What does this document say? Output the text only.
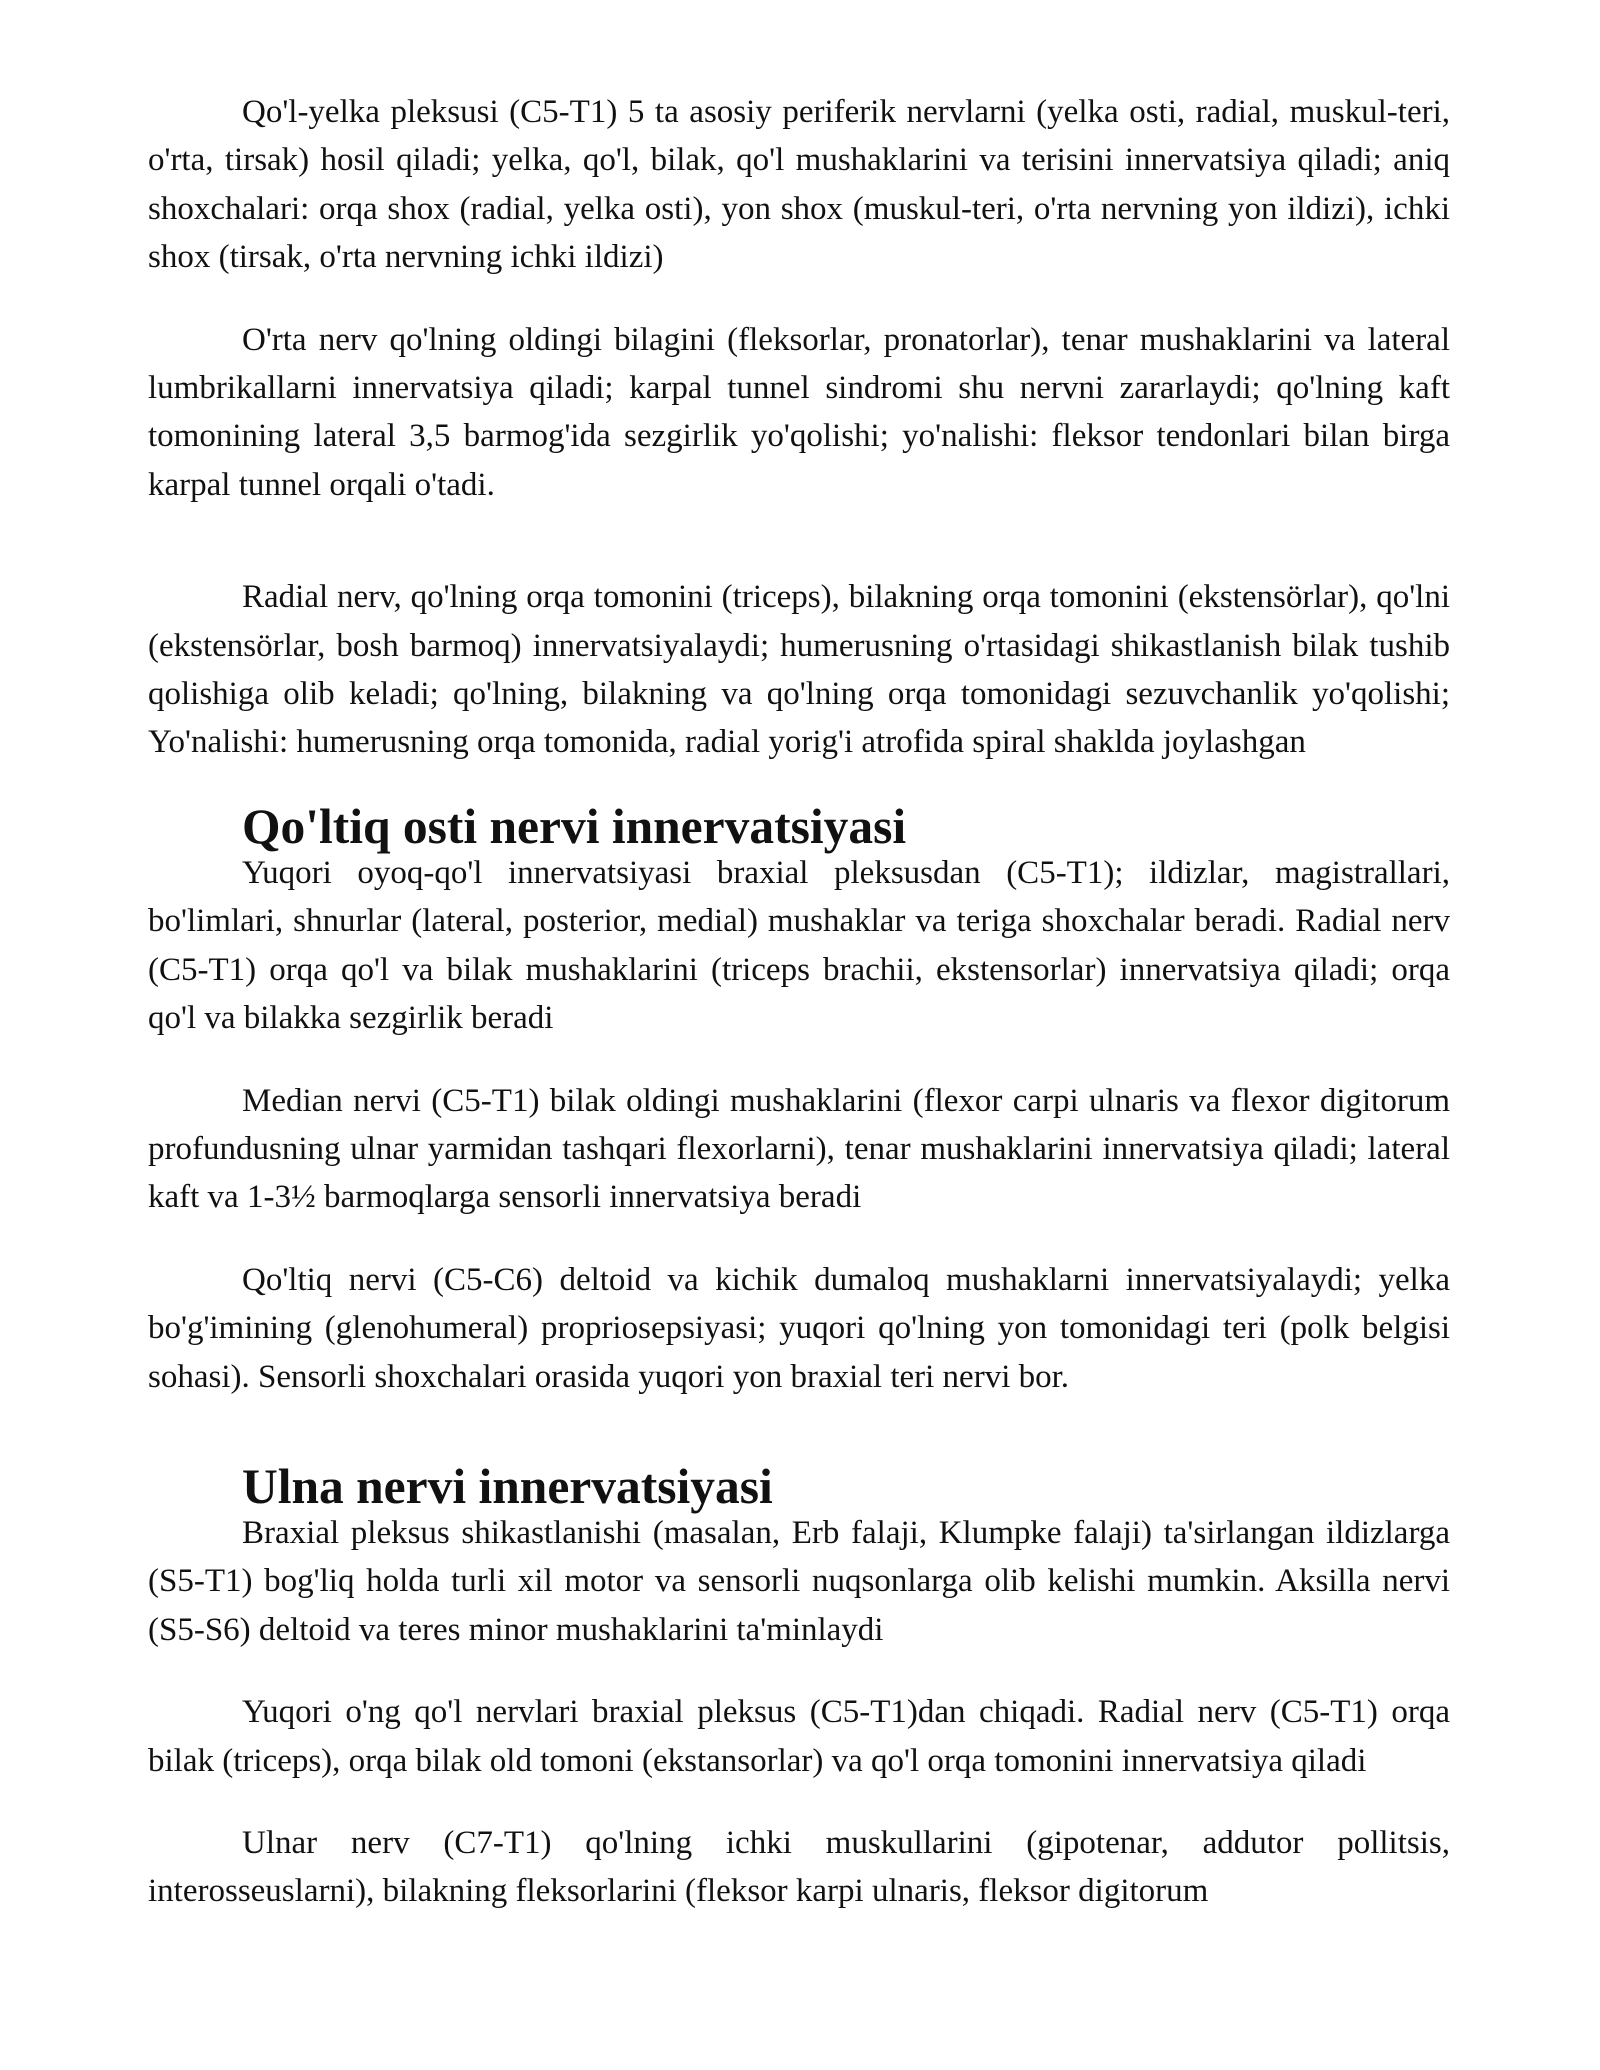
Qo'l-yelka pleksusi (C5-T1) 5 ta asosiy periferik nervlarni (yelka osti, radial, muskul-teri, o'rta, tirsak) hosil qiladi; yelka, qo'l, bilak, qo'l mushaklarini va terisini innervatsiya qiladi; aniq shoxchalari: orqa shox (radial, yelka osti), yon shox (muskul-teri, o'rta nervning yon ildizi), ichki shox (tirsak, o'rta nervning ichki ildizi)

O'rta nerv qo'lning oldingi bilagini (fleksorlar, pronatorlar), tenar mushaklarini va lateral lumbrikallarni innervatsiya qiladi; karpal tunnel sindromi shu nervni zararlaydi; qo'lning kaft tomonining lateral 3,5 barmog'ida sezgirlik yo'qolishi; yo'nalishi: fleksor tendonlari bilan birga karpal tunnel orqali o'tadi.

Radial nerv, qo'lning orqa tomonini (triceps), bilakning orqa tomonini (ekstensörlar), qo'lni (ekstensörlar, bosh barmoq) innervatsiyalaydi; humerusning o'rtasidagi shikastlanish bilak tushib qolishiga olib keladi; qo'lning, bilakning va qo'lning orqa tomonidagi sezuvchanlik yo'qolishi; Yo'nalishi: humerusning orqa tomonida, radial yorig'i atrofida spiral shaklda joylashgan

Qo'ltiq osti nervi innervatsiyasi

Yuqori oyoq-qo'l innervatsiyasi braxial pleksusdan (C5-T1); ildizlar, magistrallari, bo'limlari, shnurlar (lateral, posterior, medial) mushaklar va teriga shoxchalar beradi. Radial nerv (C5-T1) orqa qo'l va bilak mushaklarini (triceps brachii, ekstensorlar) innervatsiya qiladi; orqa qo'l va bilakka sezgirlik beradi

Median nervi (C5-T1) bilak oldingi mushaklarini (flexor carpi ulnaris va flexor digitorum profundusning ulnar yarmidan tashqari flexorlarni), tenar mushaklarini innervatsiya qiladi; lateral kaft va 1-3½ barmoqlarga sensorli innervatsiya beradi

Qo'ltiq nervi (C5-C6) deltoid va kichik dumaloq mushaklarni innervatsiyalaydi; yelka bo'g'imining (glenohumeral) propriosepsiyasi; yuqori qo'lning yon tomonidagi teri (polk belgisi sohasi). Sensorli shoxchalari orasida yuqori yon braxial teri nervi bor.

Ulna nervi innervatsiyasi

Braxial pleksus shikastlanishi (masalan, Erb falaji, Klumpke falaji) ta'sirlangan ildizlarga (S5-T1) bog'liq holda turli xil motor va sensorli nuqsonlarga olib kelishi mumkin. Aksilla nervi (S5-S6) deltoid va teres minor mushaklarini ta'minlaydi

Yuqori o'ng qo'l nervlari braxial pleksus (C5-T1)dan chiqadi. Radial nerv (C5-T1) orqa bilak (triceps), orqa bilak old tomoni (ekstansorlar) va qo'l orqa tomonini innervatsiya qiladi

Ulnar nerv (C7-T1) qo'lning ichki muskullarini (gipotenar, addutor pollitsis, interosseuslarni), bilakning fleksorlarini (fleksor karpi ulnaris, fleksor digitorum
